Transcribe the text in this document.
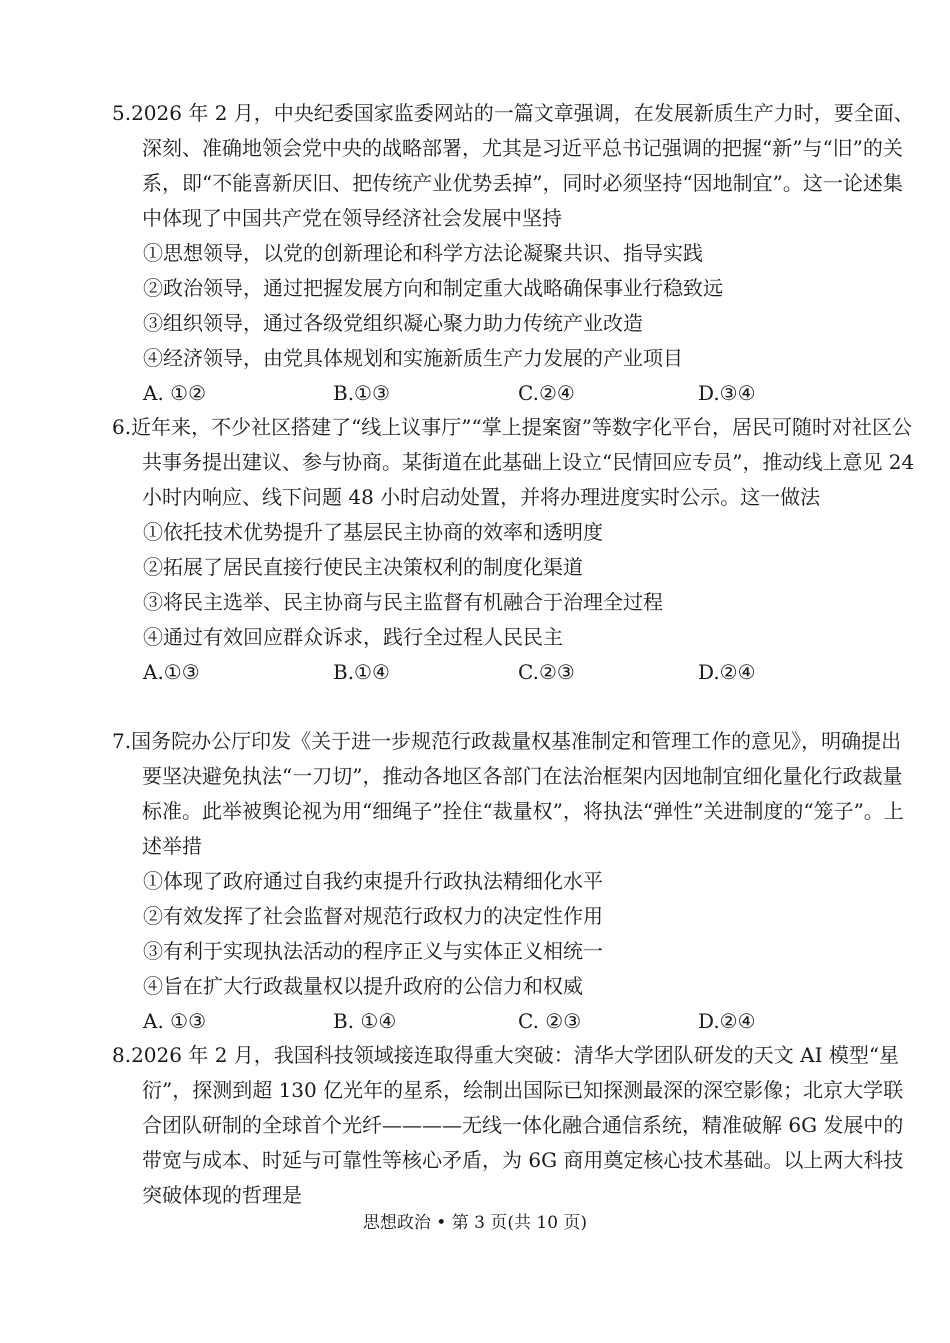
5.2026 年 2 月，中央纪委国家监委网站的一篇文章强调，在发展新质生产力时，要全面、深刻、准确地领会党中央的战略部署，尤其是习近平总书记强调的把握“新”与“旧”的关系，即“不能喜新厌旧、把传统产业优势丢掉”，同时必须坚持“因地制宜”。这一论述集中体现了中国共产党在领导经济社会发展中坚持

①思想领导，以党的创新理论和科学方法论凝聚共识、指导实践

②政治领导，通过把握发展方向和制定重大战略确保事业行稳致远

③组织领导，通过各级党组织凝心聚力助力传统产业改造

④经济领导，由党具体规划和实施新质生产力发展的产业项目

A. ①②	B.①③	C.②④	D.③④

6.近年来，不少社区搭建了“线上议事厅”“掌上提案窗”等数字化平台，居民可随时对社区公共事务提出建议、参与协商。某街道在此基础上设立“民情回应专员”，推动线上意见 24 小时内响应、线下问题 48 小时启动处置，并将办理进度实时公示。这一做法

①依托技术优势提升了基层民主协商的效率和透明度

②拓展了居民直接行使民主决策权利的制度化渠道

③将民主选举、民主协商与民主监督有机融合于治理全过程

④通过有效回应群众诉求，践行全过程人民民主

A.①③	B.①④	C.②③	D.②④

7.国务院办公厅印发《关于进一步规范行政裁量权基准制定和管理工作的意见》，明确提出要坚决避免执法“一刀切”，推动各地区各部门在法治框架内因地制宜细化量化行政裁量标准。此举被舆论视为用“细绳子”拴住“裁量权”，将执法“弹性”关进制度的“笼子”。上述举措

①体现了政府通过自我约束提升行政执法精细化水平

②有效发挥了社会监督对规范行政权力的决定性作用

③有利于实现执法活动的程序正义与实体正义相统一

④旨在扩大行政裁量权以提升政府的公信力和权威

A. ①③	B. ①④	C. ②③	D.②④

8.2026 年 2 月，我国科技领域接连取得重大突破：清华大学团队研发的天文 AI 模型“星衍”，探测到超 130 亿光年的星系，绘制出国际已知探测最深的深空影像；北京大学联合团队研制的全球首个光纤————无线一体化融合通信系统，精准破解 6G 发展中的带宽与成本、时延与可靠性等核心矛盾，为 6G 商用奠定核心技术基础。以上两大科技突破体现的哲理是

思想政治 • 第 3 页(共 10 页)
